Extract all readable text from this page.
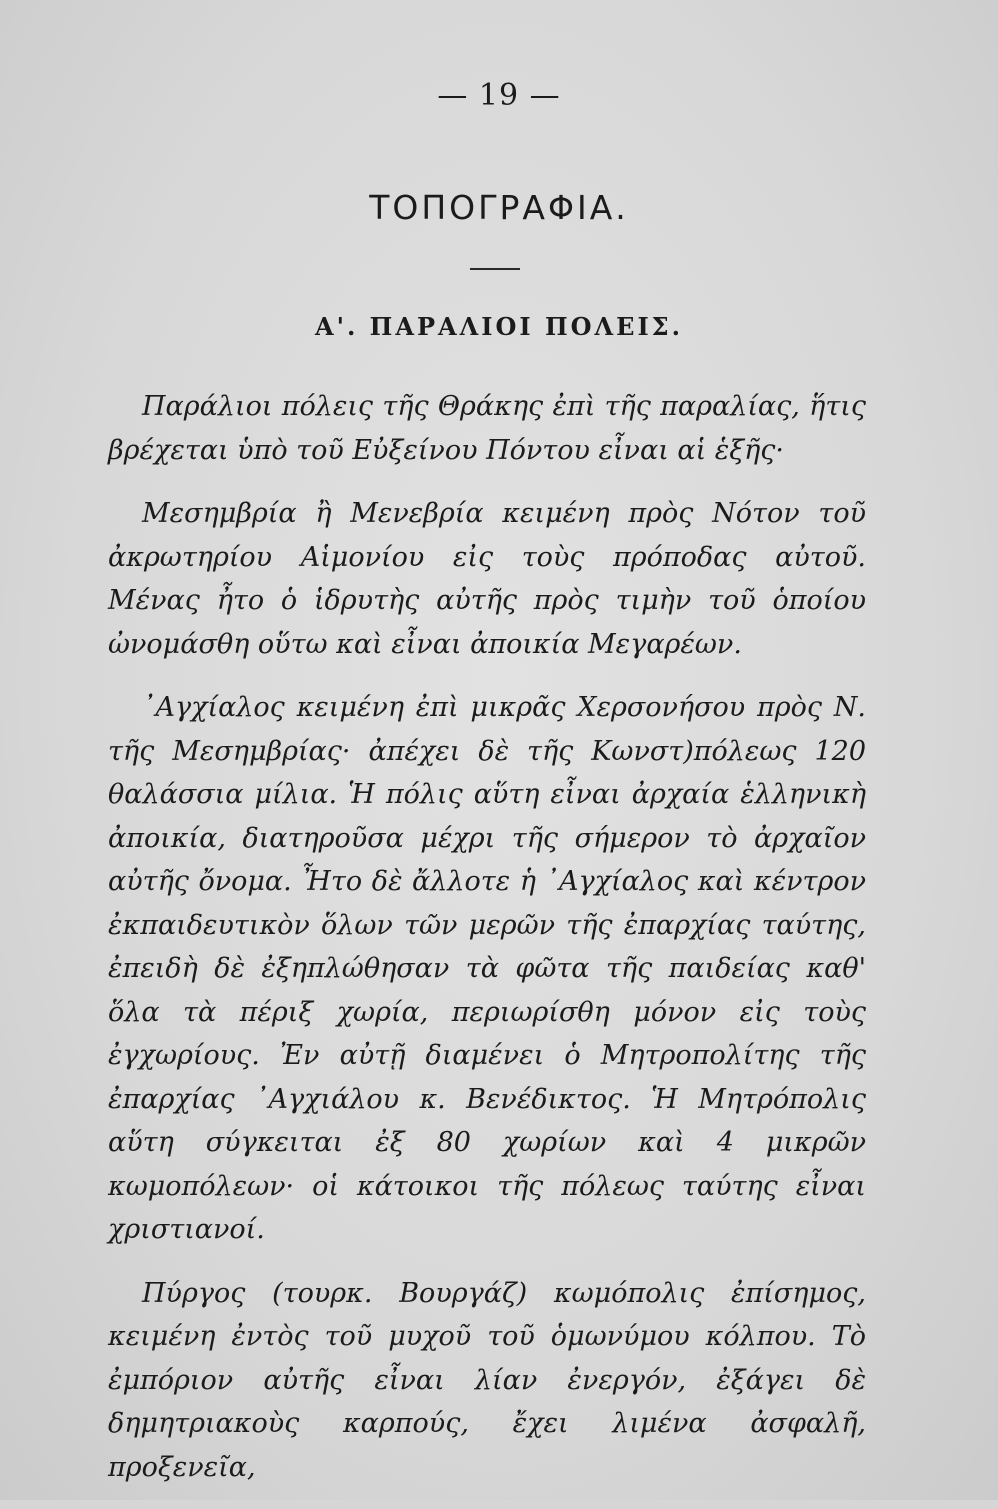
— 19 —
ΤΟΠΟΓΡΑΦΙΑ.
Α'. ΠΑΡΑΛΙΟΙ ΠΟΛΕΙΣ.

Παράλιοι πόλεις τῆς Θράκης ἐπὶ τῆς παραλίας, ἥτις βρέχεται ὑπὸ τοῦ Εὐξείνου Πόντου εἶναι αἱ ἑξῆς·

Μεσημβρία ἢ Μενεβρία κειμένη πρὸς Νότον τοῦ ἀκρωτηρίου Αἱμονίου εἰς τοὺς πρόποδας αὐτοῦ. Μένας ἦτο ὁ ἱδρυτὴς αὐτῆς πρὸς τιμὴν τοῦ ὁποίου ὠνομάσθη οὕτω καὶ εἶναι ἀποικία Μεγαρέων.

᾿Αγχίαλος κειμένη ἐπὶ μικρᾶς Χερσονήσου πρὸς Ν. τῆς Μεσημβρίας· ἀπέχει δὲ τῆς Κωνστ)πόλεως 120 θαλάσσια μίλια. Ἡ πόλις αὕτη εἶναι ἀρχαία ἑλληνικὴ ἀποικία, διατηροῦσα μέχρι τῆς σήμερον τὸ ἀρχαῖον αὐτῆς ὄνομα. Ἦτο δὲ ἄλλοτε ἡ ᾿Αγχίαλος καὶ κέντρον ἐκπαιδευτικὸν ὅλων τῶν μερῶν τῆς ἐπαρχίας ταύτης, ἐπειδὴ δὲ ἐξηπλώθησαν τὰ φῶτα τῆς παιδείας καθ' ὅλα τὰ πέριξ χωρία, περιωρίσθη μόνον εἰς τοὺς ἐγχωρίους. Ἐν αὐτῇ διαμένει ὁ Μητροπολίτης τῆς ἐπαρχίας ᾿Αγχιάλου κ. Βενέδικτος. Ἡ Μητρόπολις αὕτη σύγκειται ἐξ 80 χωρίων καὶ 4 μικρῶν κωμοπόλεων· οἱ κάτοικοι τῆς πόλεως ταύτης εἶναι χριστιανοί.

Πύργος (τουρκ. Βουργάζ) κωμόπολις ἐπίσημος, κειμένη ἐντὸς τοῦ μυχοῦ τοῦ ὁμωνύμου κόλπου. Τὸ ἐμπόριον αὐτῆς εἶναι λίαν ἐνεργόν, ἐξάγει δὲ δημητριακοὺς καρπούς, ἔχει λιμένα ἀσφαλῆ, προξενεῖα,
